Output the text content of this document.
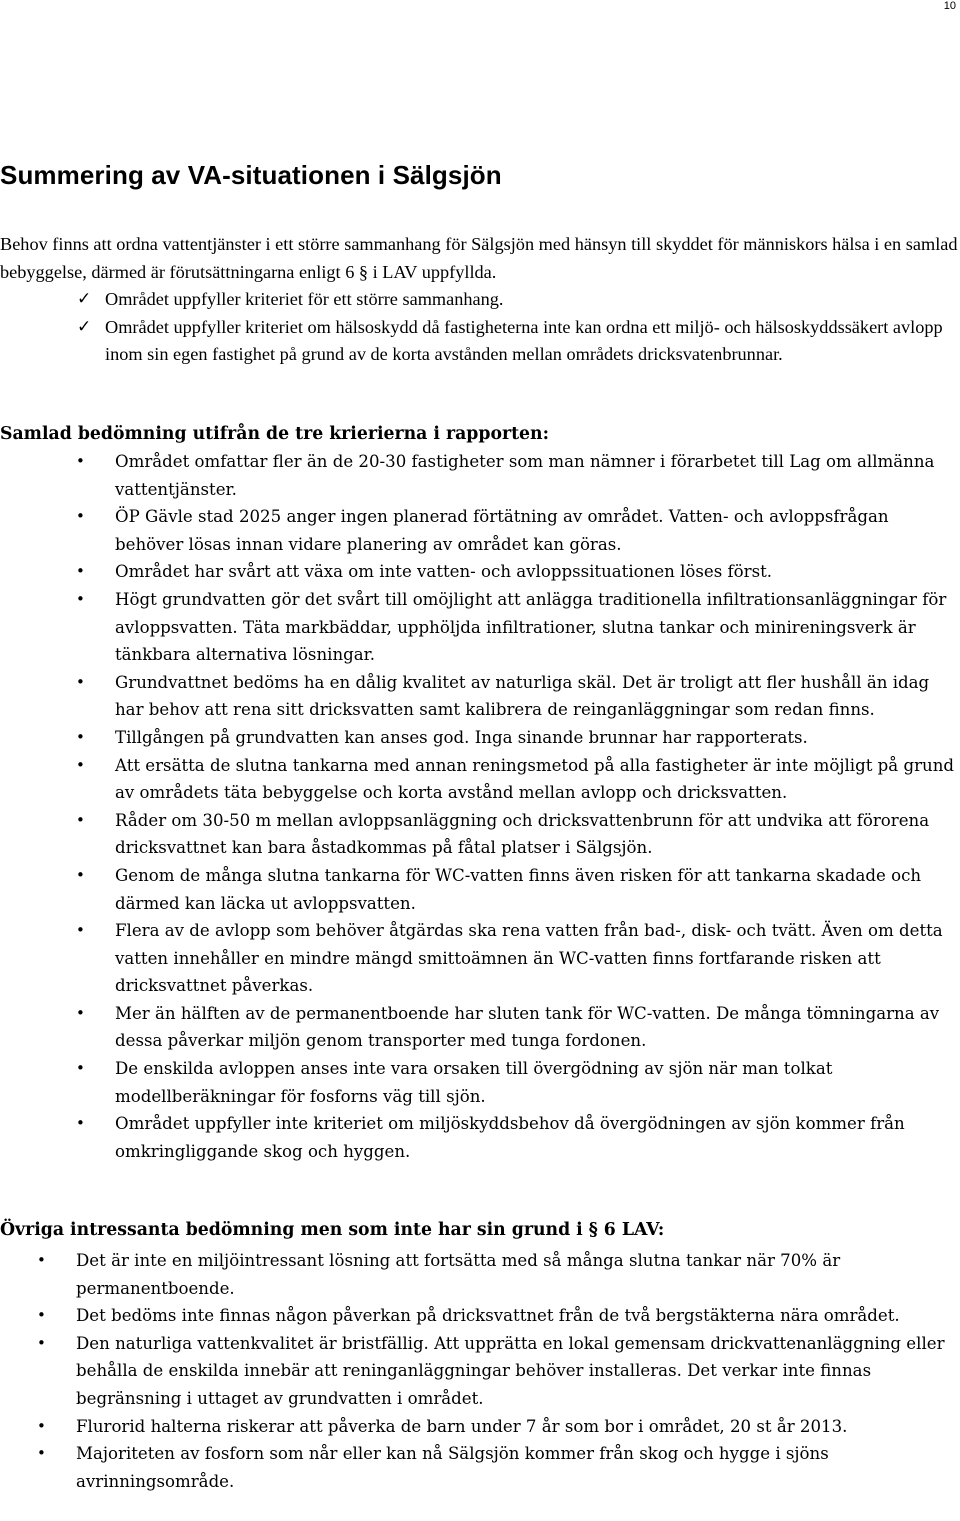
10
Summering av VA-situationen i Sälgsjön

Behov finns att ordna vattentjänster i ett större sammanhang för Sälgsjön med hänsyn till skyddet för människors hälsa i en samlad bebyggelse, därmed är förutsättningarna enligt 6 § i LAV uppfyllda.

✓ Området uppfyller kriteriet för ett större sammanhang.
✓ Området uppfyller kriteriet om hälsoskydd då fastigheterna inte kan ordna ett miljö- och hälsoskyddssäkert avlopp inom sin egen fastighet på grund av de korta avstånden mellan områdets dricksvatenbrunnar.
Samlad bedömning utifrån de tre krierierna i rapporten:
• Området omfattar fler än de 20-30 fastigheter som man nämner i förarbetet till Lag om allmänna vattentjänster.
• ÖP Gävle stad 2025 anger ingen planerad förtätning av området. Vatten- och avloppsfrågan behöver lösas innan vidare planering av området kan göras.
• Området har svårt att växa om inte vatten- och avloppssituationen löses först.
• Högt grundvatten gör det svårt till omöjlight att anlägga traditionella infiltrationsanläggningar för avloppsvatten. Täta markbäddar, upphöljda infiltrationer, slutna tankar och minireningsverk är tänkbara alternativa lösningar.
• Grundvattnet bedöms ha en dålig kvalitet av naturliga skäl. Det är troligt att fler hushåll än idag har behov att rena sitt dricksvatten samt kalibrera de reinganläggningar som redan finns.
• Tillgången på grundvatten kan anses god. Inga sinande brunnar har rapporterats.
• Att ersätta de slutna tankarna med annan reningsmetod på alla fastigheter är inte möjligt på grund av områdets täta bebyggelse och korta avstånd mellan avlopp och dricksvatten.
• Råder om 30-50 m mellan avloppsanläggning och dricksvattenbrunn för att undvika att förorena dricksvattnet kan bara åstadkommas på fåtal platser i Sälgsjön.
• Genom de många slutna tankarna för WC-vatten finns även risken för att tankarna skadade och därmed kan läcka ut avloppsvatten.
• Flera av de avlopp som behöver åtgärdas ska rena vatten från bad-, disk- och tvätt. Även om detta vatten innehåller en mindre mängd smittoämnen än WC-vatten finns fortfarande risken att dricksvattnet påverkas.
• Mer än hälften av de permanentboende har sluten tank för WC-vatten. De många tömningarna av dessa påverkar miljön genom transporter med tunga fordonen.
• De enskilda avloppen anses inte vara orsaken till övergödning av sjön när man tolkat modellberäkningar för fosforns väg till sjön.
• Området uppfyller inte kriteriet om miljöskyddsbehov då övergödningen av sjön kommer från omkringliggande skog och hyggen.
Övriga intressanta bedömning men som inte har sin grund i § 6 LAV:
• Det är inte en miljöintressant lösning att fortsätta med så många slutna tankar när 70% är permanentboende.
• Det bedöms inte finnas någon påverkan på dricksvattnet från de två bergstäkterna nära området.
• Den naturliga vattenkvalitet är bristfällig. Att upprätta en lokal gemensam drickvattenanläggning eller behålla de enskilda innebär att reninganläggningar behöver installeras. Det verkar inte finnas begränsning i uttaget av grundvatten i området.
• Flurorid halterna riskerar att påverka de barn under 7 år som bor i området, 20 st år 2013.
• Majoriteten av fosforn som når eller kan nå Sälgsjön kommer från skog och hygge i sjöns avrinningsområde.
